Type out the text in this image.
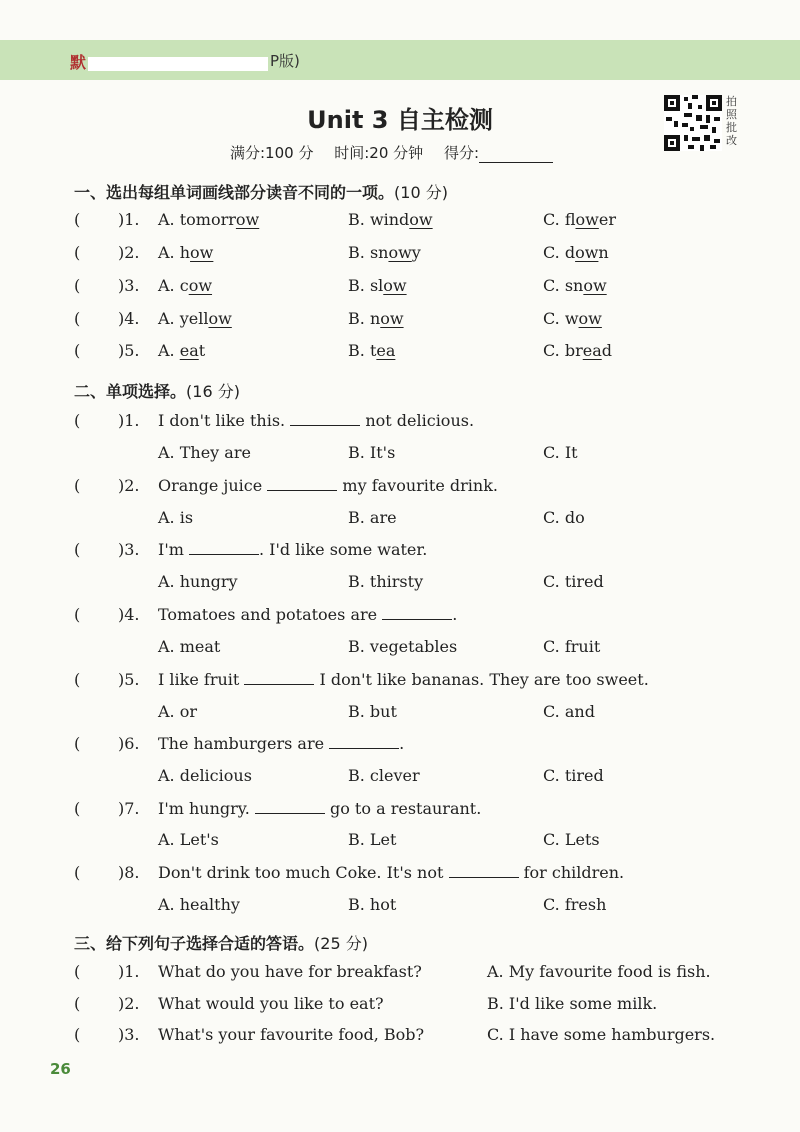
默	P版)
Unit 3 自主检测
拍照批改
满分:100 分 时间:20 分钟 得分:
一、选出每组单词画线部分读音不同的一项。(10 分)
( )1. A. tomorrow	B. window	C. flower
( )2. A. how	B. snowy	C. down
( )3. A. cow	B. slow	C. snow
( )4. A. yellow	B. now	C. wow
( )5. A. eat	B. tea	C. bread
二、单项选择。(16 分)
( )1. I don't like this.	not delicious.
A. They are	B. It's	C. It
( )2. Orange juice	my favourite drink.
A. is	B. are	C. do
( )3. I'm	. I'd like some water.
A. hungry	B. thirsty	C. tired
( )4. Tomatoes and potatoes are	.
A. meat	B. vegetables	C. fruit
( )5. I like fruit	I don't like bananas. They are too sweet.
A. or	B. but	C. and
( )6. The hamburgers are	.
A. delicious	B. clever	C. tired
( )7. I'm hungry.	go to a restaurant.
A. Let's	B. Let	C. Lets
( )8. Don't drink too much Coke. It's not	for children.
A. healthy	B. hot	C. fresh
三、给下列句子选择合适的答语。(25 分)
( )1. What do you have for breakfast?	A. My favourite food is fish.
( )2. What would you like to eat?	B. I'd like some milk.
( )3. What's your favourite food, Bob?	C. I have some hamburgers.
26
